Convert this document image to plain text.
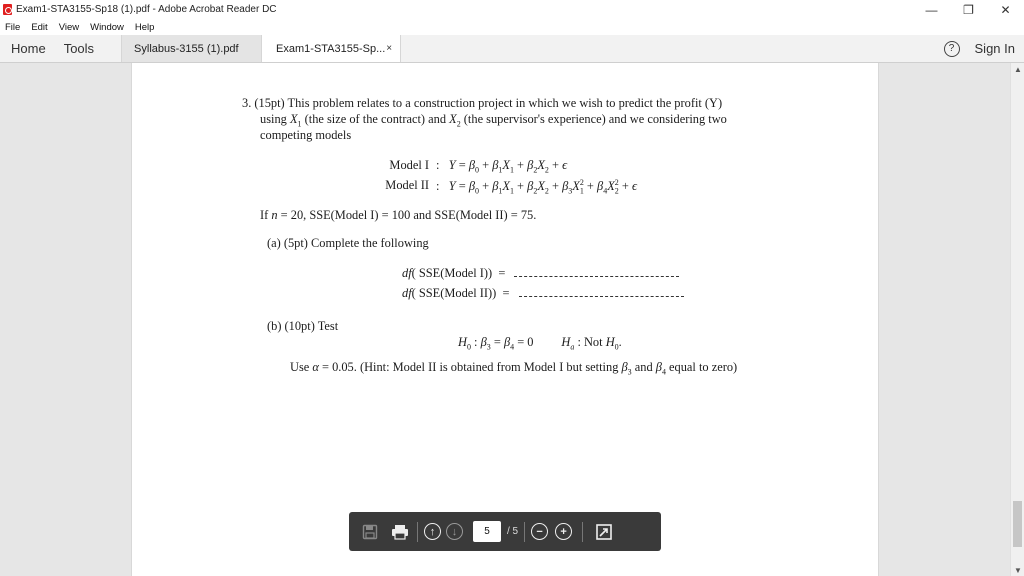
Exam1-STA3155-Sp18 (1).pdf - Adobe Acrobat Reader DC	—	❐	✕
File Edit View Window Help
Home	Tools	Syllabus-3155 (1).pdf	Exam1-STA3155-Sp... ×	?	Sign In
3. (15pt) This problem relates to a construction project in which we wish to predict the profit (Y)
using $X_1$ (the size of the contract) and $X_2$ (the supervisor's experience) and we considering two
competing models
Model I :   $Y = \beta_0 + \beta_1X_1 + \beta_2X_2 + \epsilon$
Model II :   $Y = \beta_0 + \beta_1X_1 + \beta_2X_2 + \beta_3X_1^2 + \beta_4X_2^2 + \epsilon$
If n = 20, SSE(Model I) = 100 and SSE(Model II) = 75.
(a) (5pt) Complete the following
df( SSE(Model I))  =
df( SSE(Model II))  =
(b) (10pt) Test
$H_0$ : $\beta_3 = \beta_4 = 0$         $H_a$ : Not $H_0$.
Use α = 0.05. (Hint: Model II is obtained from Model I but setting $\beta_3$ and $\beta_4$ equal to zero)
▲
▼
↑	↓	5	/ 5	−	+
